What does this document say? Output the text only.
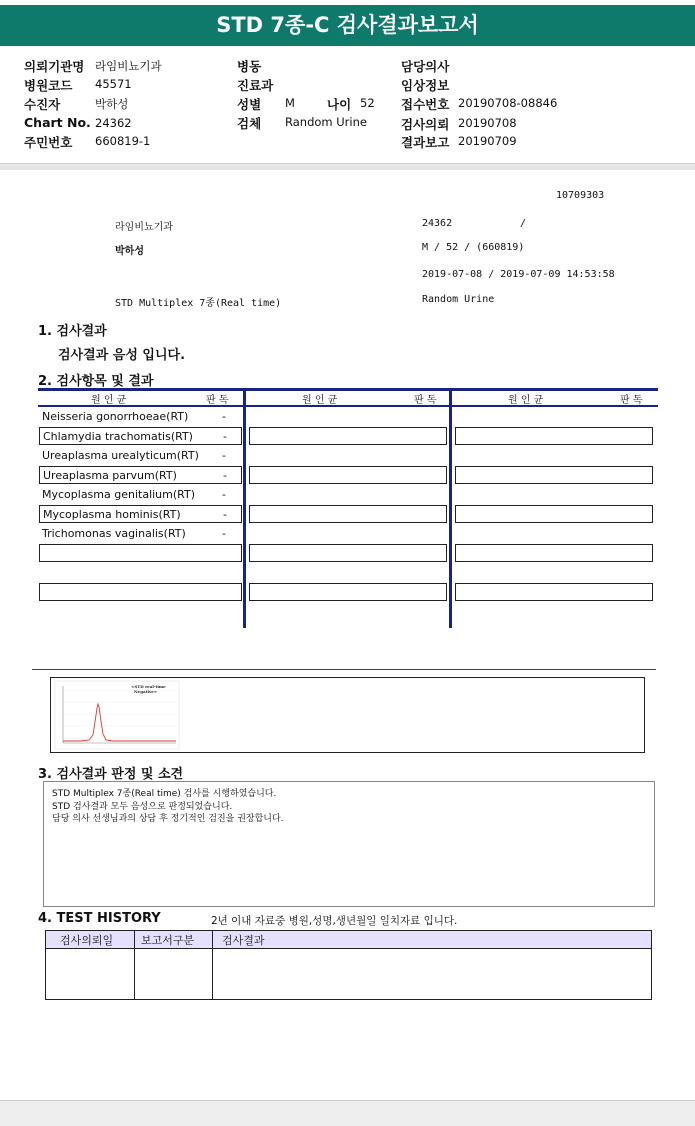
STD 7종-C 검사결과보고서
의뢰기관명 라임비뇨기과
병원코드 45571
수진자	박하성
Chart No. 24362
주민번호 660819-1
병동
진료과
성별 M	나이 52
검체 Random Urine
담당의사
임상정보
접수번호 20190708-08846
검사의뢰 20190708
결과보고 20190709
10709303
라임비뇨기과	24362	/
박하성	M / 52 / (660819)
2019-07-08 / 2019-07-09 14:53:58
STD Multiplex 7종(Real time)	Random Urine
1. 검사결과
검사결과 음성 입니다.
2. 검사항목 및 결과
원 인 균	판 독	원 인 균	판 독	원 인 균	판 독
Neisseria gonorrhoeae(RT)	-
Chlamydia trachomatis(RT)	-
Ureaplasma urealyticum(RT) -
Ureaplasma parvum(RT)	-
Mycoplasma genitalium(RT) -
Mycoplasma hominis(RT)	-
Trichomonas vaginalis(RT)	-
<STD real-time
Negative>
3. 검사결과 판정 및 소견
STD Multiplex 7종(Real time) 검사를 시행하였습니다.
STD 검사결과 모두 음성으로 판정되었습니다.
담당 의사 선생님과의 상담 후 정기적인 검진을 권장합니다.
4. TEST HISTORY	2년 이내 자료중 병원,성명,생년월일 일치자료 입니다.
검사의뢰일	보고서구분	검사결과
